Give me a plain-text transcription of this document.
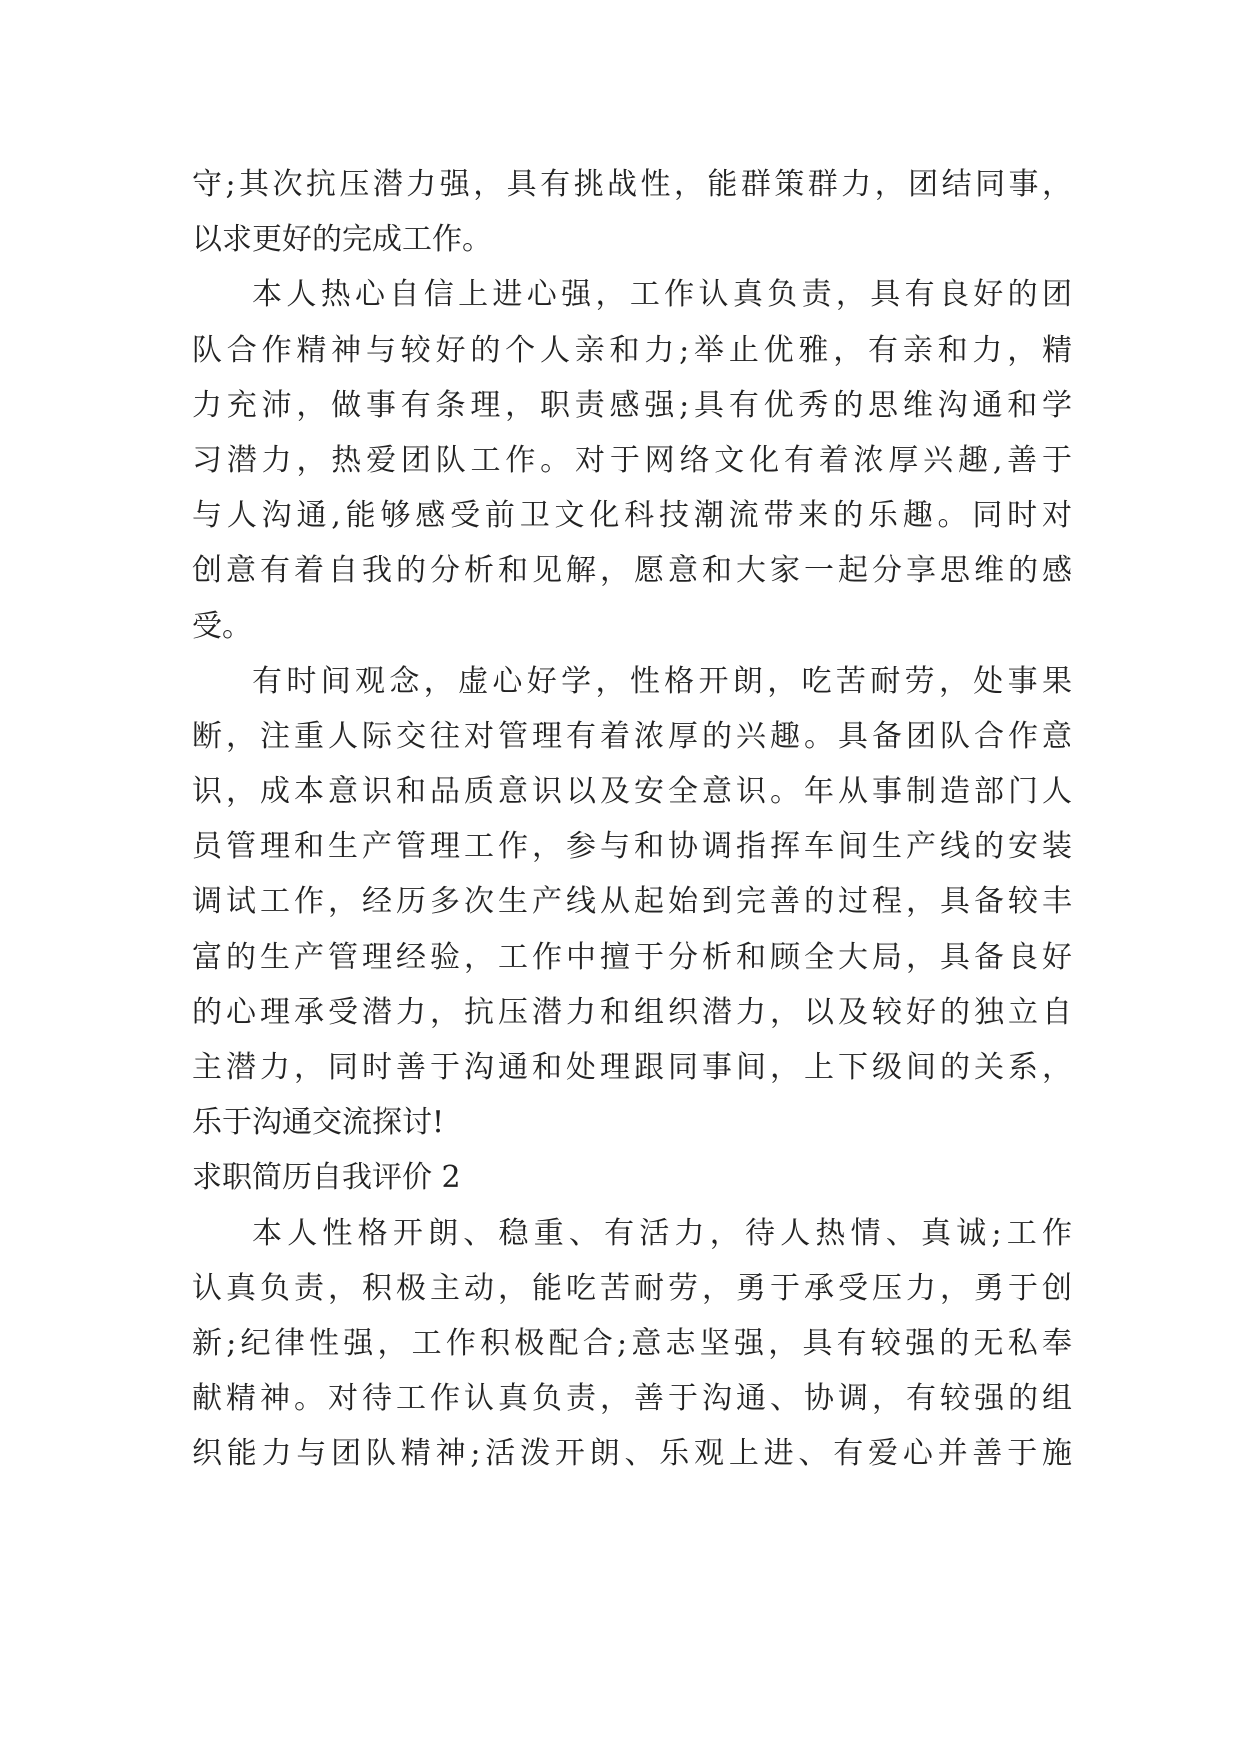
守;其次抗压潜力强，具有挑战性，能群策群力，团结同事，
以求更好的完成工作。
本人热心自信上进心强，工作认真负责，具有良好的团
队合作精神与较好的个人亲和力;举止优雅，有亲和力，精
力充沛，做事有条理，职责感强;具有优秀的思维沟通和学
习潜力，热爱团队工作。对于网络文化有着浓厚兴趣,善于
与人沟通,能够感受前卫文化科技潮流带来的乐趣。同时对
创意有着自我的分析和见解，愿意和大家一起分享思维的感
受。
有时间观念，虚心好学，性格开朗，吃苦耐劳，处事果
断，注重人际交往对管理有着浓厚的兴趣。具备团队合作意
识，成本意识和品质意识以及安全意识。年从事制造部门人
员管理和生产管理工作，参与和协调指挥车间生产线的安装
调试工作，经历多次生产线从起始到完善的过程，具备较丰
富的生产管理经验，工作中擅于分析和顾全大局，具备良好
的心理承受潜力，抗压潜力和组织潜力，以及较好的独立自
主潜力，同时善于沟通和处理跟同事间，上下级间的关系，
乐于沟通交流探讨!
求职简历自我评价 2
本人性格开朗、稳重、有活力，待人热情、真诚;工作
认真负责，积极主动，能吃苦耐劳，勇于承受压力，勇于创
新;纪律性强，工作积极配合;意志坚强，具有较强的无私奉
献精神。对待工作认真负责，善于沟通、协调，有较强的组
织能力与团队精神;活泼开朗、乐观上进、有爱心并善于施
